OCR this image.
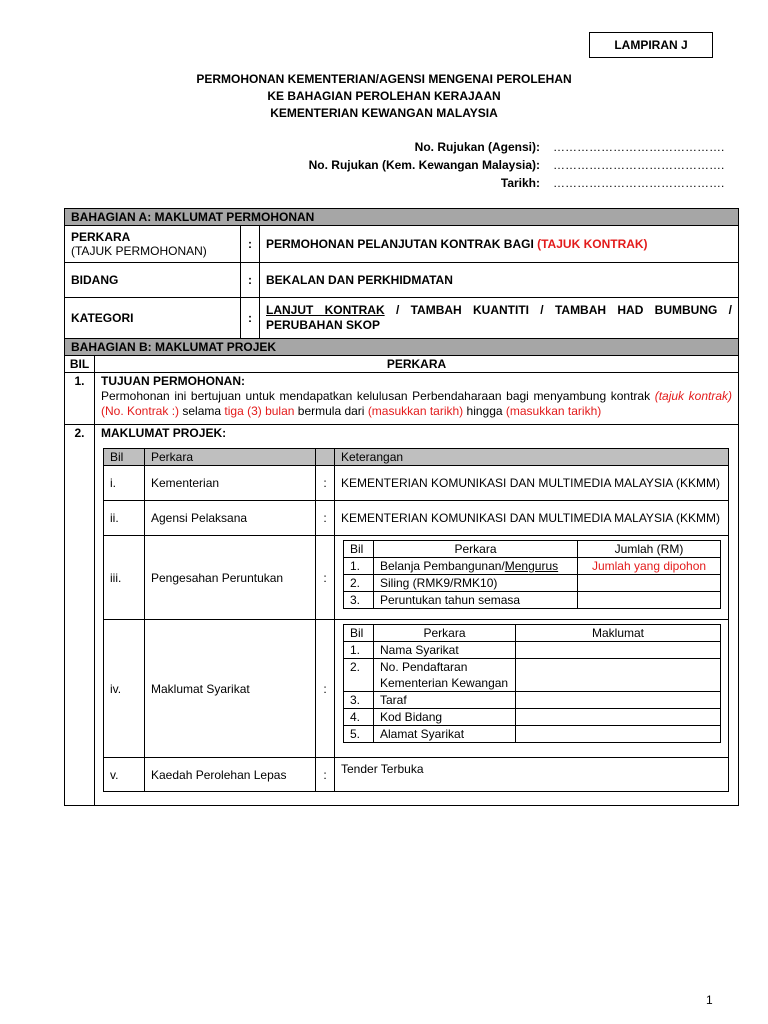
LAMPIRAN J
PERMOHONAN KEMENTERIAN/AGENSI MENGENAI PEROLEHAN
KE BAHAGIAN PEROLEHAN KERAJAAN
KEMENTERIAN KEWANGAN MALAYSIA
No. Rujukan (Agensi): …………………………………….
No. Rujukan (Kem. Kewangan Malaysia): …………………………………….
Tarikh: …………………………………….
BAHAGIAN A: MAKLUMAT PERMOHONAN

PERKARA
(TAJUK PERMOHONAN)	:	PERMOHONAN PELANJUTAN KONTRAK BAGI (TAJUK KONTRAK)
BIDANG	:	BEKALAN DAN PERKHIDMATAN
KATEGORI	:	LANJUT KONTRAK / TAMBAH KUANTITI / TAMBAH HAD BUMBUNG / PERUBAHAN SKOP
BAHAGIAN B: MAKLUMAT PROJEK
BIL	PERKARA
1.	TUJUAN PERMOHONAN:
Permohonan ini bertujuan untuk mendapatkan kelulusan Perbendaharaan bagi menyambung kontrak (tajuk kontrak) (No. Kontrak :) selama tiga (3) bulan bermula dari (masukkan tarikh) hingga (masukkan tarikh)

2.	MAKLUMAT PROJEK:
Bil	Perkara		Keterangan
i.	Kementerian	:	KEMENTERIAN KOMUNIKASI DAN MULTIMEDIA MALAYSIA (KKMM)
ii.	Agensi Pelaksana	:	KEMENTERIAN KOMUNIKASI DAN MULTIMEDIA MALAYSIA (KKMM)
iii.	Pengesahan Peruntukan	:	
Bil	Perkara	Jumlah (RM)
1.	Belanja Pembangunan/Mengurus	Jumlah yang dipohon
2.	Siling (RMK9/RMK10)	
3.	Peruntukan tahun semasa	

iv.	Maklumat Syarikat	:	
Bil	Perkara	Maklumat
1.	Nama Syarikat	
2.	No. Pendaftaran Kementerian Kewangan	
3.	Taraf	
4.	Kod Bidang	
5.	Alamat Syarikat	

v.	Kaedah Perolehan Lepas	:	Tender Terbuka
1
